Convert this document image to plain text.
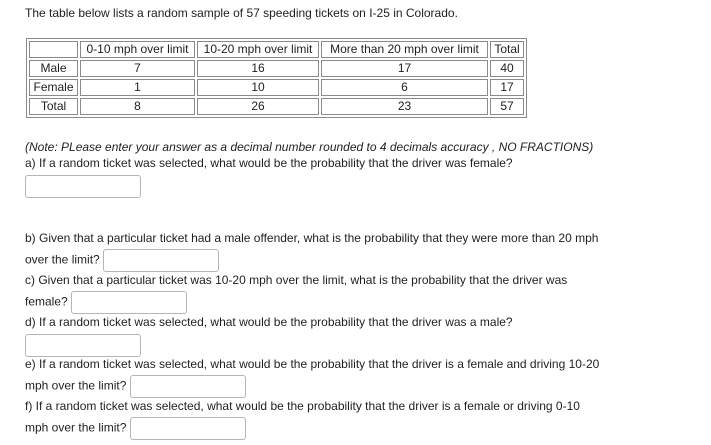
The table below lists a random sample of 57 speeding tickets on I-25 in Colorado.
	0-10 mph over limit	10-20 mph over limit	More than 20 mph over limit	Total
Male	7	16	17	40
Female	1	10	6	17
Total	8	26	23	57
(Note: PLease enter your answer as a decimal number rounded to 4 decimals accuracy , NO FRACTIONS)
a) If a random ticket was selected, what would be the probability that the driver was female?
b) Given that a particular ticket had a male offender, what is the probability that they were more than 20 mph over the limit?
c) Given that a particular ticket was 10-20 mph over the limit, what is the probability that the driver was female?
d) If a random ticket was selected, what would be the probability that the driver was a male?
e) If a random ticket was selected, what would be the probability that the driver is a female and driving 10-20 mph over the limit?
f) If a random ticket was selected, what would be the probability that the driver is a female or driving 0-10 mph over the limit?
